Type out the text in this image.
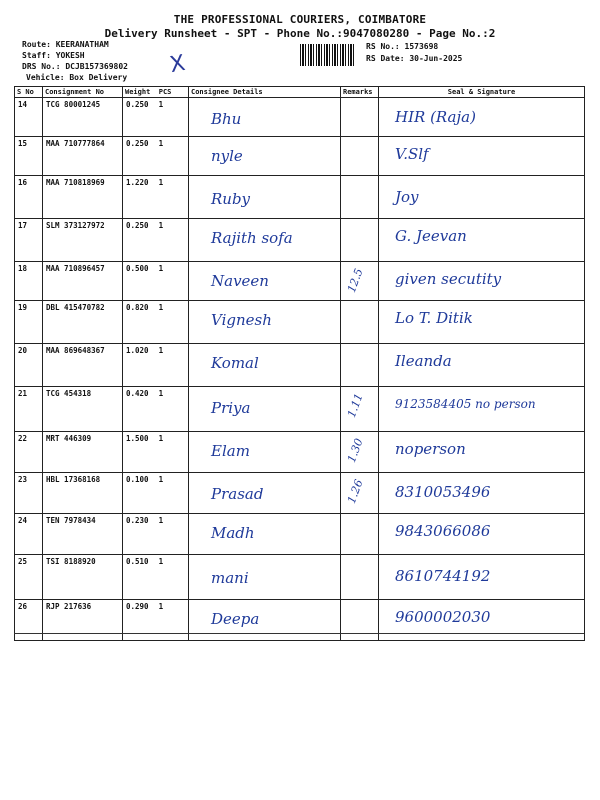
THE PROFESSIONAL COURIERS, COIMBATORE
Delivery Runsheet - SPT - Phone No.:9047080280 - Page No.:2
Route: KEERANATHAM
Staff: YOKESH
DRS No.: DCJB157369802
Vehicle: Box Delivery X
RS No.: 1573698
RS Date: 30-Jun-2025
S No	Consignment No	Weight PCS	Consignee Details	Remarks	Seal & Signature
14	TCG 80001245	0.250 1	Bhu		HIR (Raja)

15	MAA 710777864	0.250 1	nyle		V.Slf

16	MAA 710818969	1.220 1	Ruby		Joy

17	SLM 373127972	0.250 1	Rajith sofa		G. Jeevan

18	MAA 710896457	0.500 1	Naveen	12.5	given secutity

19	DBL 415470782	0.820 1	Vignesh		Lo T. Ditik

20	MAA 869648367	1.020 1	Komal		Ileanda

21	TCG 454318	0.420 1	Priya	1.11	9123584405 no person

22	MRT 446309	1.500 1	Elam	1.30	noperson

23	HBL 17368168	0.100 1	Prasad	1.26	8310053496

24	TEN 7978434	0.230 1	Madh		9843066086

25	TSI 8188920	0.510 1	mani		8610744192

26	RJP 217636	0.290 1	Deepa		9600002030
